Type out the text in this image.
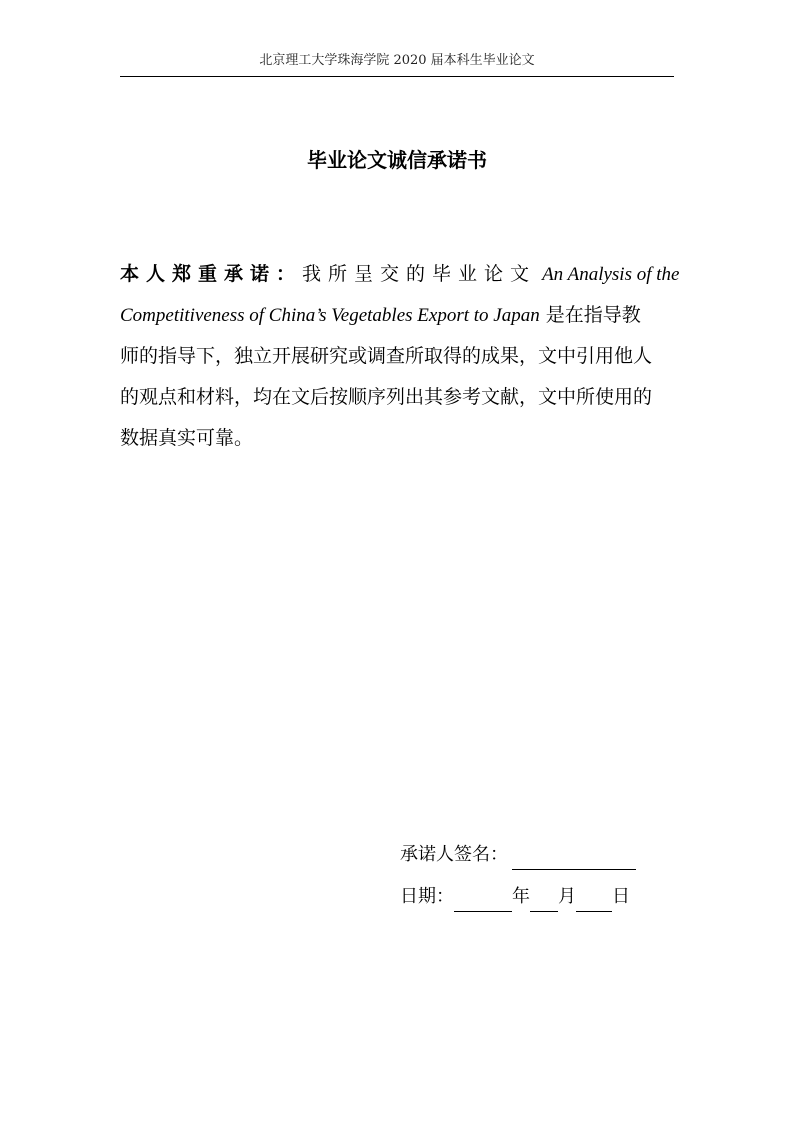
北京理工大学珠海学院 2020 届本科生毕业论文
毕业论文诚信承诺书
本人郑重承诺：我所呈交的毕业论文 An Analysis of the
Competitiveness of China’s Vegetables Export to Japan 是在指导教
师的指导下，独立开展研究或调查所取得的成果，文中引用他人
的观点和材料，均在文后按顺序列出其参考文献，文中所使用的
数据真实可靠。
承诺人签名：
日期：	年 月 日
